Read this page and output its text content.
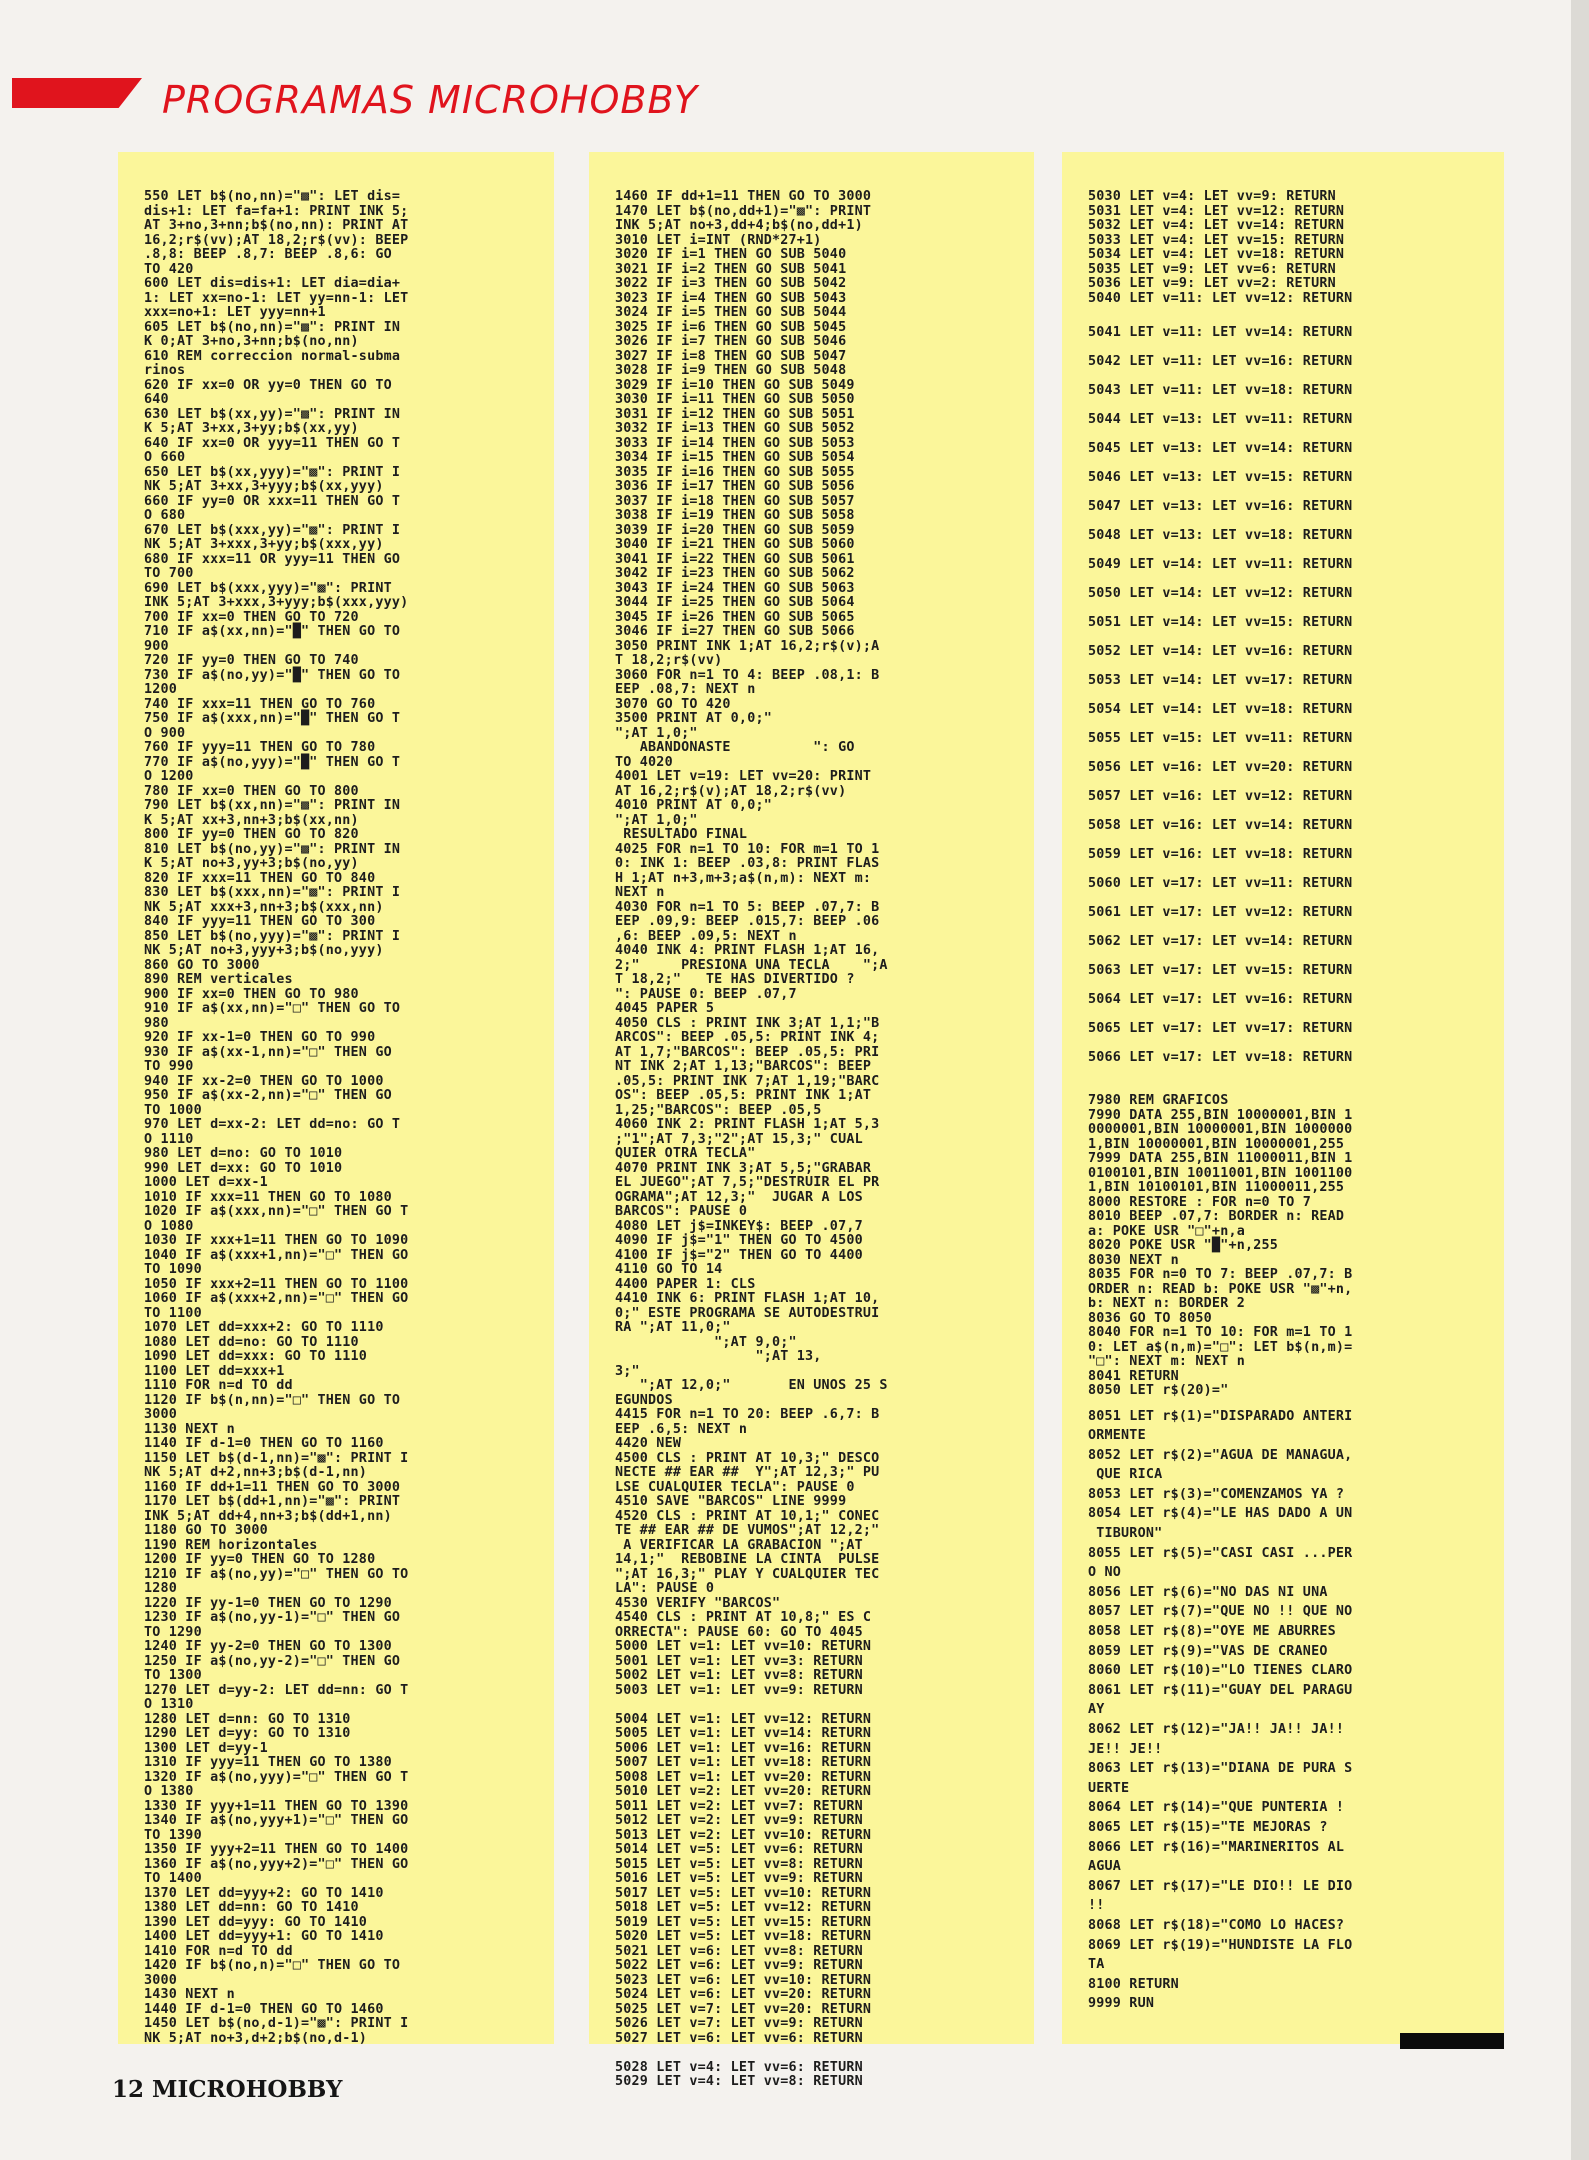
PROGRAMAS MICROHOBBY
550 LET b$(no,nn)="▩": LET dis=
dis+1: LET fa=fa+1: PRINT INK 5;
AT 3+no,3+nn;b$(no,nn): PRINT AT
16,2;r$(vv);AT 18,2;r$(vv): BEEP
.8,8: BEEP .8,7: BEEP .8,6: GO
TO 420
600 LET dis=dis+1: LET dia=dia+
1: LET xx=no-1: LET yy=nn-1: LET
xxx=no+1: LET yyy=nn+1
605 LET b$(no,nn)="▩": PRINT IN
K 0;AT 3+no,3+nn;b$(no,nn)
610 REM correccion normal-subma
rinos
620 IF xx=0 OR yy=0 THEN GO TO
640
630 LET b$(xx,yy)="▩": PRINT IN
K 5;AT 3+xx,3+yy;b$(xx,yy)
640 IF xx=0 OR yyy=11 THEN GO T
O 660
650 LET b$(xx,yyy)="▩": PRINT I
NK 5;AT 3+xx,3+yyy;b$(xx,yyy)
660 IF yy=0 OR xxx=11 THEN GO T
O 680
670 LET b$(xxx,yy)="▩": PRINT I
NK 5;AT 3+xxx,3+yy;b$(xxx,yy)
680 IF xxx=11 OR yyy=11 THEN GO
TO 700
690 LET b$(xxx,yyy)="▩": PRINT
INK 5;AT 3+xxx,3+yyy;b$(xxx,yyy)
700 IF xx=0 THEN GO TO 720
710 IF a$(xx,nn)="█" THEN GO TO
900
720 IF yy=0 THEN GO TO 740
730 IF a$(no,yy)="█" THEN GO TO
1200
740 IF xxx=11 THEN GO TO 760
750 IF a$(xxx,nn)="█" THEN GO T
O 900
760 IF yyy=11 THEN GO TO 780
770 IF a$(no,yyy)="█" THEN GO T
O 1200
780 IF xx=0 THEN GO TO 800
790 LET b$(xx,nn)="▩": PRINT IN
K 5;AT xx+3,nn+3;b$(xx,nn)
800 IF yy=0 THEN GO TO 820
810 LET b$(no,yy)="▩": PRINT IN
K 5;AT no+3,yy+3;b$(no,yy)
820 IF xxx=11 THEN GO TO 840
830 LET b$(xxx,nn)="▩": PRINT I
NK 5;AT xxx+3,nn+3;b$(xxx,nn)
840 IF yyy=11 THEN GO TO 300
850 LET b$(no,yyy)="▩": PRINT I
NK 5;AT no+3,yyy+3;b$(no,yyy)
860 GO TO 3000
890 REM verticales
900 IF xx=0 THEN GO TO 980
910 IF a$(xx,nn)="□" THEN GO TO
980
920 IF xx-1=0 THEN GO TO 990
930 IF a$(xx-1,nn)="□" THEN GO
TO 990
940 IF xx-2=0 THEN GO TO 1000
950 IF a$(xx-2,nn)="□" THEN GO
TO 1000
970 LET d=xx-2: LET dd=no: GO T
O 1110
980 LET d=no: GO TO 1010
990 LET d=xx: GO TO 1010
1000 LET d=xx-1
1010 IF xxx=11 THEN GO TO 1080
1020 IF a$(xxx,nn)="□" THEN GO T
O 1080
1030 IF xxx+1=11 THEN GO TO 1090
1040 IF a$(xxx+1,nn)="□" THEN GO
TO 1090
1050 IF xxx+2=11 THEN GO TO 1100
1060 IF a$(xxx+2,nn)="□" THEN GO
TO 1100
1070 LET dd=xxx+2: GO TO 1110
1080 LET dd=no: GO TO 1110
1090 LET dd=xxx: GO TO 1110
1100 LET dd=xxx+1
1110 FOR n=d TO dd
1120 IF b$(n,nn)="□" THEN GO TO
3000
1130 NEXT n
1140 IF d-1=0 THEN GO TO 1160
1150 LET b$(d-1,nn)="▩": PRINT I
NK 5;AT d+2,nn+3;b$(d-1,nn)
1160 IF dd+1=11 THEN GO TO 3000
1170 LET b$(dd+1,nn)="▩": PRINT
INK 5;AT dd+4,nn+3;b$(dd+1,nn)
1180 GO TO 3000
1190 REM horizontales
1200 IF yy=0 THEN GO TO 1280
1210 IF a$(no,yy)="□" THEN GO TO
1280
1220 IF yy-1=0 THEN GO TO 1290
1230 IF a$(no,yy-1)="□" THEN GO
TO 1290
1240 IF yy-2=0 THEN GO TO 1300
1250 IF a$(no,yy-2)="□" THEN GO
TO 1300
1270 LET d=yy-2: LET dd=nn: GO T
O 1310
1280 LET d=nn: GO TO 1310
1290 LET d=yy: GO TO 1310
1300 LET d=yy-1
1310 IF yyy=11 THEN GO TO 1380
1320 IF a$(no,yyy)="□" THEN GO T
O 1380
1330 IF yyy+1=11 THEN GO TO 1390
1340 IF a$(no,yyy+1)="□" THEN GO
TO 1390
1350 IF yyy+2=11 THEN GO TO 1400
1360 IF a$(no,yyy+2)="□" THEN GO
TO 1400
1370 LET dd=yyy+2: GO TO 1410
1380 LET dd=nn: GO TO 1410
1390 LET dd=yyy: GO TO 1410
1400 LET dd=yyy+1: GO TO 1410
1410 FOR n=d TO dd
1420 IF b$(no,n)="□" THEN GO TO
3000
1430 NEXT n
1440 IF d-1=0 THEN GO TO 1460
1450 LET b$(no,d-1)="▩": PRINT I
NK 5;AT no+3,d+2;b$(no,d-1)
1460 IF dd+1=11 THEN GO TO 3000
1470 LET b$(no,dd+1)="▩": PRINT
INK 5;AT no+3,dd+4;b$(no,dd+1)
3010 LET i=INT (RND*27+1)
3020 IF i=1 THEN GO SUB 5040
3021 IF i=2 THEN GO SUB 5041
3022 IF i=3 THEN GO SUB 5042
3023 IF i=4 THEN GO SUB 5043
3024 IF i=5 THEN GO SUB 5044
3025 IF i=6 THEN GO SUB 5045
3026 IF i=7 THEN GO SUB 5046
3027 IF i=8 THEN GO SUB 5047
3028 IF i=9 THEN GO SUB 5048
3029 IF i=10 THEN GO SUB 5049
3030 IF i=11 THEN GO SUB 5050
3031 IF i=12 THEN GO SUB 5051
3032 IF i=13 THEN GO SUB 5052
3033 IF i=14 THEN GO SUB 5053
3034 IF i=15 THEN GO SUB 5054
3035 IF i=16 THEN GO SUB 5055
3036 IF i=17 THEN GO SUB 5056
3037 IF i=18 THEN GO SUB 5057
3038 IF i=19 THEN GO SUB 5058
3039 IF i=20 THEN GO SUB 5059
3040 IF i=21 THEN GO SUB 5060
3041 IF i=22 THEN GO SUB 5061
3042 IF i=23 THEN GO SUB 5062
3043 IF i=24 THEN GO SUB 5063
3044 IF i=25 THEN GO SUB 5064
3045 IF i=26 THEN GO SUB 5065
3046 IF i=27 THEN GO SUB 5066
3050 PRINT INK 1;AT 16,2;r$(v);A
T 18,2;r$(vv)
3060 FOR n=1 TO 4: BEEP .08,1: B
EEP .08,7: NEXT n
3070 GO TO 420
3500 PRINT AT 0,0;"
";AT 1,0;"
ABANDONASTE          ": GO
TO 4020
4001 LET v=19: LET vv=20: PRINT
AT 16,2;r$(v);AT 18,2;r$(vv)
4010 PRINT AT 0,0;"
";AT 1,0;"
RESULTADO FINAL
4025 FOR n=1 TO 10: FOR m=1 TO 1
0: INK 1: BEEP .03,8: PRINT FLAS
H 1;AT n+3,m+3;a$(n,m): NEXT m:
NEXT n
4030 FOR n=1 TO 5: BEEP .07,7: B
EEP .09,9: BEEP .015,7: BEEP .06
,6: BEEP .09,5: NEXT n
4040 INK 4: PRINT FLASH 1;AT 16,
2;"     PRESIONA UNA TECLA    ";A
T 18,2;"   TE HAS DIVERTIDO ?
": PAUSE 0: BEEP .07,7
4045 PAPER 5
4050 CLS : PRINT INK 3;AT 1,1;"B
ARCOS": BEEP .05,5: PRINT INK 4;
AT 1,7;"BARCOS": BEEP .05,5: PRI
NT INK 2;AT 1,13;"BARCOS": BEEP
.05,5: PRINT INK 7;AT 1,19;"BARC
OS": BEEP .05,5: PRINT INK 1;AT
1,25;"BARCOS": BEEP .05,5
4060 INK 2: PRINT FLASH 1;AT 5,3
;"1";AT 7,3;"2";AT 15,3;" CUAL
QUIER OTRA TECLA"
4070 PRINT INK 3;AT 5,5;"GRABAR
EL JUEGO";AT 7,5;"DESTRUIR EL PR
OGRAMA";AT 12,3;"  JUGAR A LOS
BARCOS": PAUSE 0
4080 LET j$=INKEY$: BEEP .07,7
4090 IF j$="1" THEN GO TO 4500
4100 IF j$="2" THEN GO TO 4400
4110 GO TO 14
4400 PAPER 1: CLS
4410 INK 6: PRINT FLASH 1;AT 10,
0;" ESTE PROGRAMA SE AUTODESTRUI
RA ";AT 11,0;"
";AT 9,0;"
";AT 13,
3;"
";AT 12,0;"       EN UNOS 25 S
EGUNDOS
4415 FOR n=1 TO 20: BEEP .6,7: B
EEP .6,5: NEXT n
4420 NEW
4500 CLS : PRINT AT 10,3;" DESCO
NECTE ## EAR ##  Y";AT 12,3;" PU
LSE CUALQUIER TECLA": PAUSE 0
4510 SAVE "BARCOS" LINE 9999
4520 CLS : PRINT AT 10,1;" CONEC
TE ## EAR ## DE VUMOS";AT 12,2;"
A VERIFICAR LA GRABACION ";AT
14,1;"  REBOBINE LA CINTA  PULSE
";AT 16,3;" PLAY Y CUALQUIER TEC
LA": PAUSE 0
4530 VERIFY "BARCOS"
4540 CLS : PRINT AT 10,8;" ES C
ORRECTA": PAUSE 60: GO TO 4045
5000 LET v=1: LET vv=10: RETURN
5001 LET v=1: LET vv=3: RETURN
5002 LET v=1: LET vv=8: RETURN
5003 LET v=1: LET vv=9: RETURN

5004 LET v=1: LET vv=12: RETURN
5005 LET v=1: LET vv=14: RETURN
5006 LET v=1: LET vv=16: RETURN
5007 LET v=1: LET vv=18: RETURN
5008 LET v=1: LET vv=20: RETURN
5010 LET v=2: LET vv=20: RETURN
5011 LET v=2: LET vv=7: RETURN
5012 LET v=2: LET vv=9: RETURN
5013 LET v=2: LET vv=10: RETURN
5014 LET v=5: LET vv=6: RETURN
5015 LET v=5: LET vv=8: RETURN
5016 LET v=5: LET vv=9: RETURN
5017 LET v=5: LET vv=10: RETURN
5018 LET v=5: LET vv=12: RETURN
5019 LET v=5: LET vv=15: RETURN
5020 LET v=5: LET vv=18: RETURN
5021 LET v=6: LET vv=8: RETURN
5022 LET v=6: LET vv=9: RETURN
5023 LET v=6: LET vv=10: RETURN
5024 LET v=6: LET vv=20: RETURN
5025 LET v=7: LET vv=20: RETURN
5026 LET v=7: LET vv=9: RETURN
5027 LET v=6: LET vv=6: RETURN

5028 LET v=4: LET vv=6: RETURN
5029 LET v=4: LET vv=8: RETURN
5030 LET v=4: LET vv=9: RETURN
5031 LET v=4: LET vv=12: RETURN
5032 LET v=4: LET vv=14: RETURN
5033 LET v=4: LET vv=15: RETURN
5034 LET v=4: LET vv=18: RETURN
5035 LET v=9: LET vv=6: RETURN
5036 LET v=9: LET vv=2: RETURN
5040 LET v=11: LET vv=12: RETURN
5041 LET v=11: LET vv=14: RETURN
5042 LET v=11: LET vv=16: RETURN
5043 LET v=11: LET vv=18: RETURN
5044 LET v=13: LET vv=11: RETURN
5045 LET v=13: LET vv=14: RETURN
5046 LET v=13: LET vv=15: RETURN
5047 LET v=13: LET vv=16: RETURN
5048 LET v=13: LET vv=18: RETURN
5049 LET v=14: LET vv=11: RETURN
5050 LET v=14: LET vv=12: RETURN
5051 LET v=14: LET vv=15: RETURN
5052 LET v=14: LET vv=16: RETURN
5053 LET v=14: LET vv=17: RETURN
5054 LET v=14: LET vv=18: RETURN
5055 LET v=15: LET vv=11: RETURN
5056 LET v=16: LET vv=20: RETURN
5057 LET v=16: LET vv=12: RETURN
5058 LET v=16: LET vv=14: RETURN
5059 LET v=16: LET vv=18: RETURN
5060 LET v=17: LET vv=11: RETURN
5061 LET v=17: LET vv=12: RETURN
5062 LET v=17: LET vv=14: RETURN
5063 LET v=17: LET vv=15: RETURN
5064 LET v=17: LET vv=16: RETURN
5065 LET v=17: LET vv=17: RETURN
5066 LET v=17: LET vv=18: RETURN
7980 REM GRAFICOS
7990 DATA 255,BIN 10000001,BIN 1
0000001,BIN 10000001,BIN 1000000
1,BIN 10000001,BIN 10000001,255
7999 DATA 255,BIN 11000011,BIN 1
0100101,BIN 10011001,BIN 1001100
1,BIN 10100101,BIN 11000011,255
8000 RESTORE : FOR n=0 TO 7
8010 BEEP .07,7: BORDER n: READ
a: POKE USR "□"+n,a
8020 POKE USR "█"+n,255
8030 NEXT n
8035 FOR n=0 TO 7: BEEP .07,7: B
ORDER n: READ b: POKE USR "▩"+n,
b: NEXT n: BORDER 2
8036 GO TO 8050
8040 FOR n=1 TO 10: FOR m=1 TO 1
0: LET a$(n,m)="□": LET b$(n,m)=
"□": NEXT m: NEXT n
8041 RETURN
8050 LET r$(20)="
8051 LET r$(1)="DISPARADO ANTERI
ORMENTE
8052 LET r$(2)="AGUA DE MANAGUA,
QUE RICA
8053 LET r$(3)="COMENZAMOS YA ?
8054 LET r$(4)="LE HAS DADO A UN
TIBURON"
8055 LET r$(5)="CASI CASI ...PER
O NO
8056 LET r$(6)="NO DAS NI UNA
8057 LET r$(7)="QUE NO !! QUE NO
8058 LET r$(8)="OYE ME ABURRES
8059 LET r$(9)="VAS DE CRANEO
8060 LET r$(10)="LO TIENES CLARO
8061 LET r$(11)="GUAY DEL PARAGU
AY
8062 LET r$(12)="JA!! JA!! JA!!
JE!! JE!!
8063 LET r$(13)="DIANA DE PURA S
UERTE
8064 LET r$(14)="QUE PUNTERIA !
8065 LET r$(15)="TE MEJORAS ?
8066 LET r$(16)="MARINERITOS AL
AGUA
8067 LET r$(17)="LE DIO!! LE DIO
!!
8068 LET r$(18)="COMO LO HACES?
8069 LET r$(19)="HUNDISTE LA FLO
TA
8100 RETURN
9999 RUN
12 MICROHOBBY
